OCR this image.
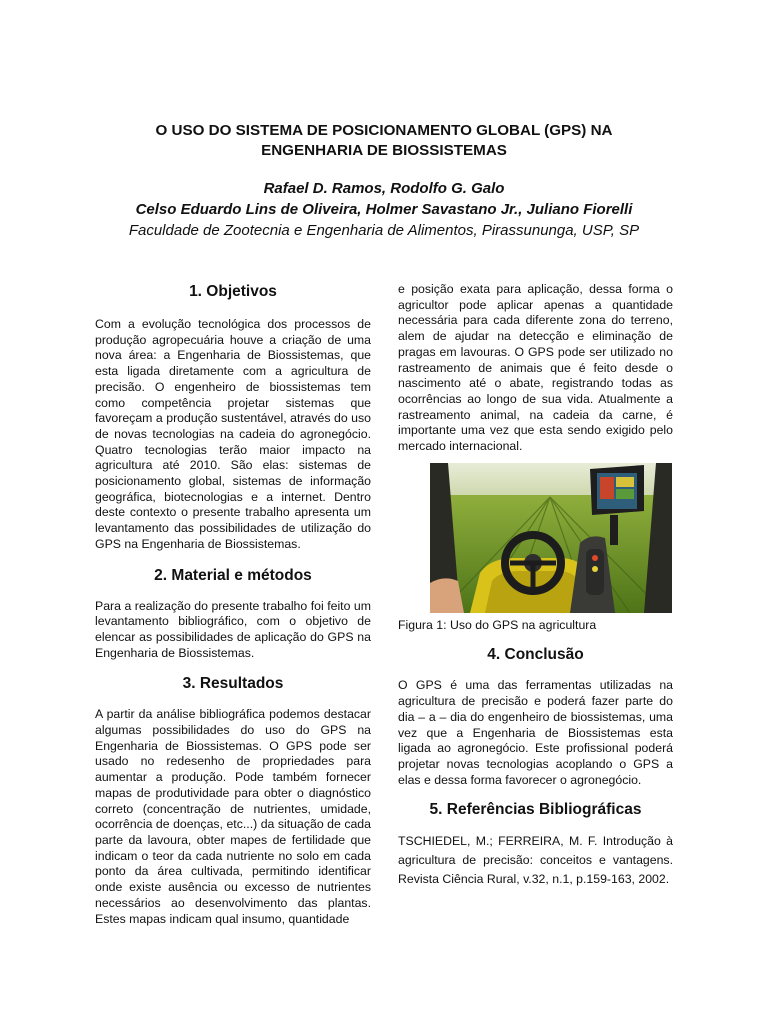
O USO DO SISTEMA DE POSICIONAMENTO GLOBAL (GPS) NA
ENGENHARIA DE BIOSSISTEMAS
Rafael D. Ramos, Rodolfo G. Galo
Celso Eduardo Lins de Oliveira, Holmer Savastano Jr., Juliano Fiorelli
Faculdade de Zootecnia e Engenharia de Alimentos, Pirassununga, USP, SP
1. Objetivos

Com a evolução tecnológica dos processos de produção agropecuária houve a criação de uma nova área: a Engenharia de Biossistemas, que esta ligada diretamente com a agricultura de precisão. O engenheiro de biossistemas tem como competência projetar sistemas que favoreçam a produção sustentável, através do uso de novas tecnologias na cadeia do agronegócio. Quatro tecnologias terão maior impacto na agricultura até 2010. São elas: sistemas de posicionamento global, sistemas de informação geográfica, biotecnologias e a internet. Dentro deste contexto o presente trabalho apresenta um levantamento das possibilidades de utilização do GPS na Engenharia de Biossistemas.

2. Material e métodos

Para a realização do presente trabalho foi feito um levantamento bibliográfico, com o objetivo de elencar as possibilidades de aplicação do GPS na Engenharia de Biossistemas.

3. Resultados

A partir da análise bibliográfica podemos destacar algumas possibilidades do uso do GPS na Engenharia de Biossistemas. O GPS pode ser usado no redesenho de propriedades para aumentar a produção. Pode também fornecer mapas de produtividade para obter o diagnóstico correto (concentração de nutrientes, umidade, ocorrência de doenças, etc...) da situação de cada parte da lavoura, obter mapes de fertilidade que indicam o teor da cada nutriente no solo em cada ponto da área cultivada, permitindo identificar onde existe ausência ou excesso de nutrientes necessários ao desenvolvimento das plantas. Estes mapas indicam qual insumo, quantidade

e posição exata para aplicação, dessa forma o agricultor pode aplicar apenas a quantidade necessária para cada diferente zona do terreno, alem de ajudar na detecção e eliminação de pragas em lavouras. O GPS pode ser utilizado no rastreamento de animais que é feito desde o nascimento até o abate, registrando todas as ocorrências ao longo de sua vida. Atualmente a rastreamento animal, na cadeia da carne, é importante uma vez que esta sendo exigido pelo mercado internacional.

Figura 1: Uso do GPS na agricultura

4. Conclusão

O GPS é uma das ferramentas utilizadas na agricultura de precisão e poderá fazer parte do dia – a – dia do engenheiro de biossistemas, uma vez que a Engenharia de Biossistemas esta ligada ao agronegócio. Este profissional poderá projetar novas tecnologias acoplando o GPS a elas e dessa forma favorecer o agronegócio.

5. Referências Bibliográficas

TSCHIEDEL, M.; FERREIRA, M. F. Introdução à agricultura de precisão: conceitos e vantagens. Revista Ciência Rural, v.32, n.1, p.159-163, 2002.
